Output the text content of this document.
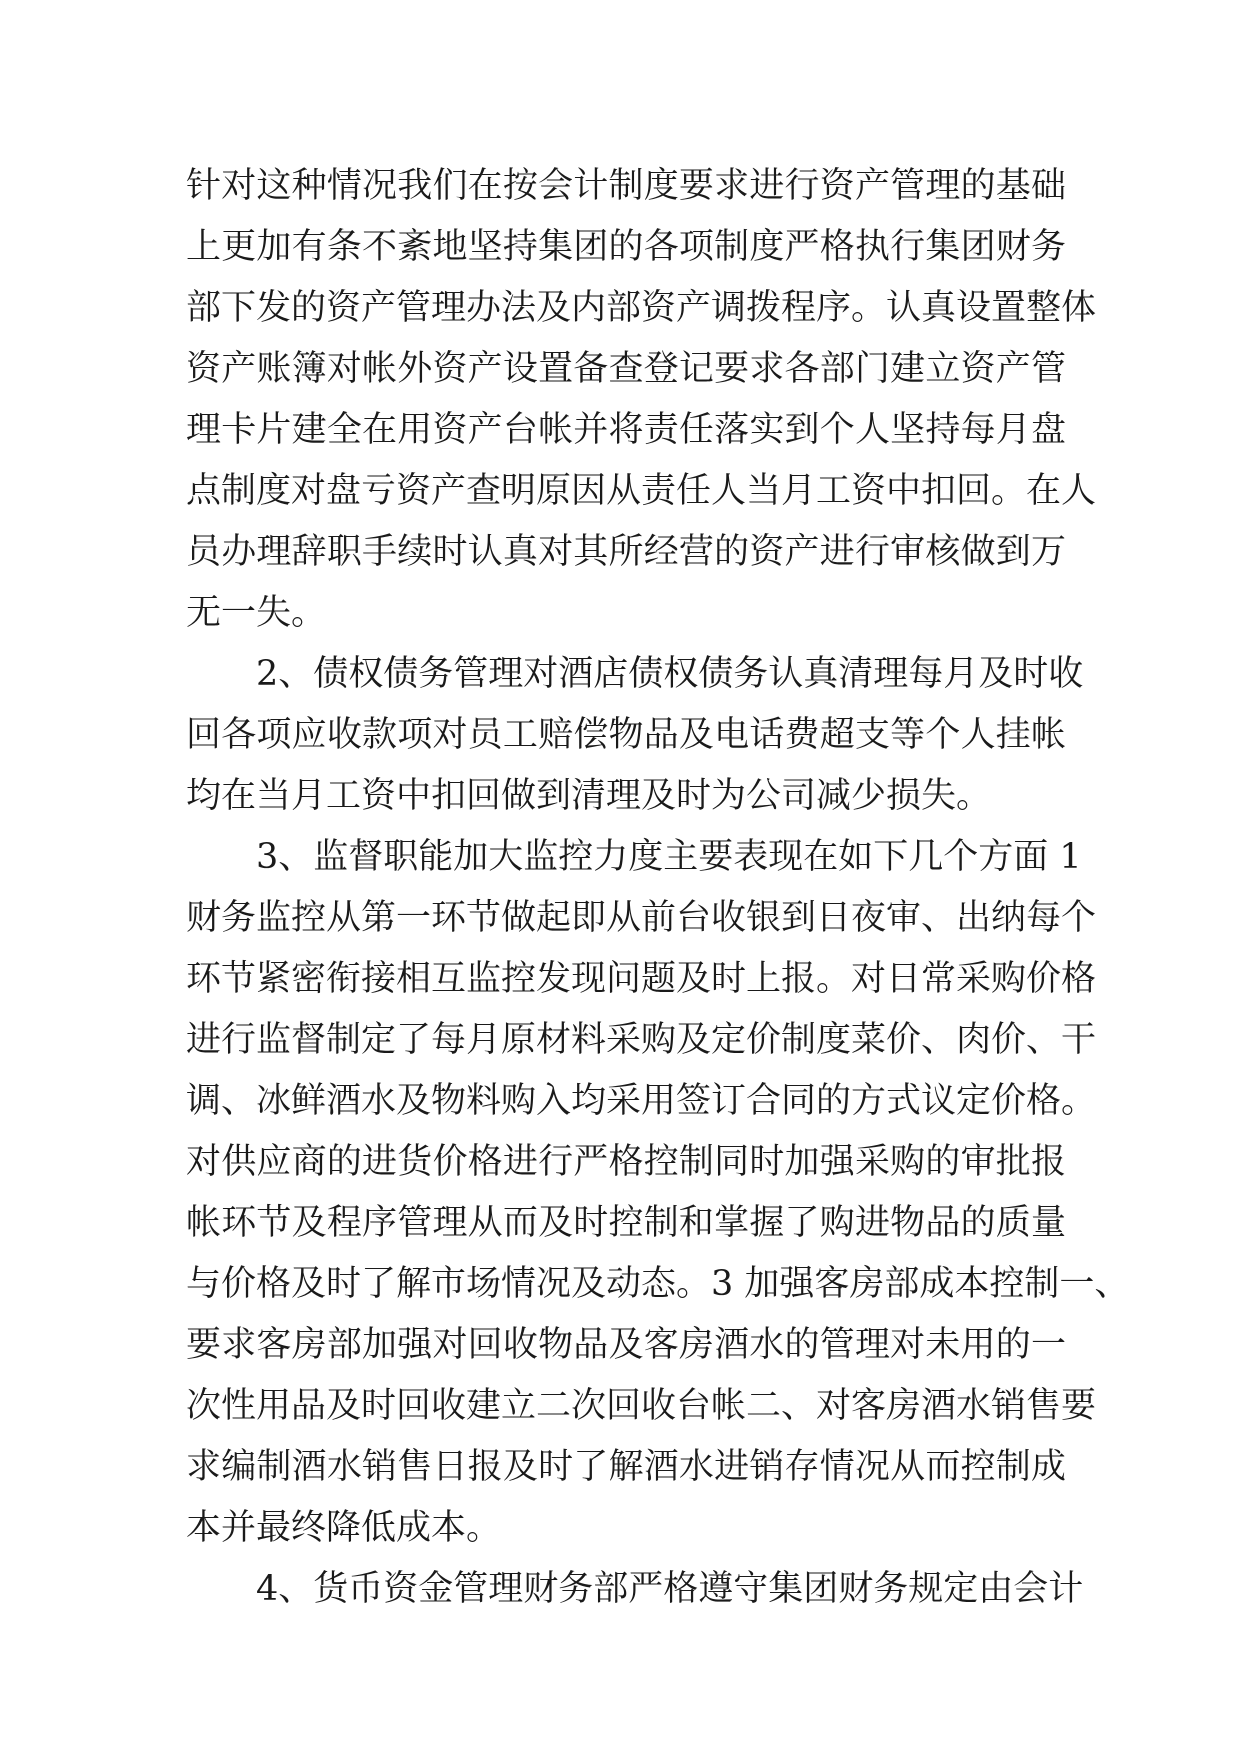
针对这种情况我们在按会计制度要求进行资产管理的基础
上更加有条不紊地坚持集团的各项制度严格执行集团财务
部下发的资产管理办法及内部资产调拨程序。认真设置整体
资产账簿对帐外资产设置备查登记要求各部门建立资产管
理卡片建全在用资产台帐并将责任落实到个人坚持每月盘
点制度对盘亏资产查明原因从责任人当月工资中扣回。在人
员办理辞职手续时认真对其所经营的资产进行审核做到万
无一失。
2、债权债务管理对酒店债权债务认真清理每月及时收
回各项应收款项对员工赔偿物品及电话费超支等个人挂帐
均在当月工资中扣回做到清理及时为公司减少损失。
3、监督职能加大监控力度主要表现在如下几个方面 1
财务监控从第一环节做起即从前台收银到日夜审、出纳每个
环节紧密衔接相互监控发现问题及时上报。对日常采购价格
进行监督制定了每月原材料采购及定价制度菜价、肉价、干
调、冰鲜酒水及物料购入均采用签订合同的方式议定价格。
对供应商的进货价格进行严格控制同时加强采购的审批报
帐环节及程序管理从而及时控制和掌握了购进物品的质量
与价格及时了解市场情况及动态。3 加强客房部成本控制一、
要求客房部加强对回收物品及客房酒水的管理对未用的一
次性用品及时回收建立二次回收台帐二、对客房酒水销售要
求编制酒水销售日报及时了解酒水进销存情况从而控制成
本并最终降低成本。
4、货币资金管理财务部严格遵守集团财务规定由会计
